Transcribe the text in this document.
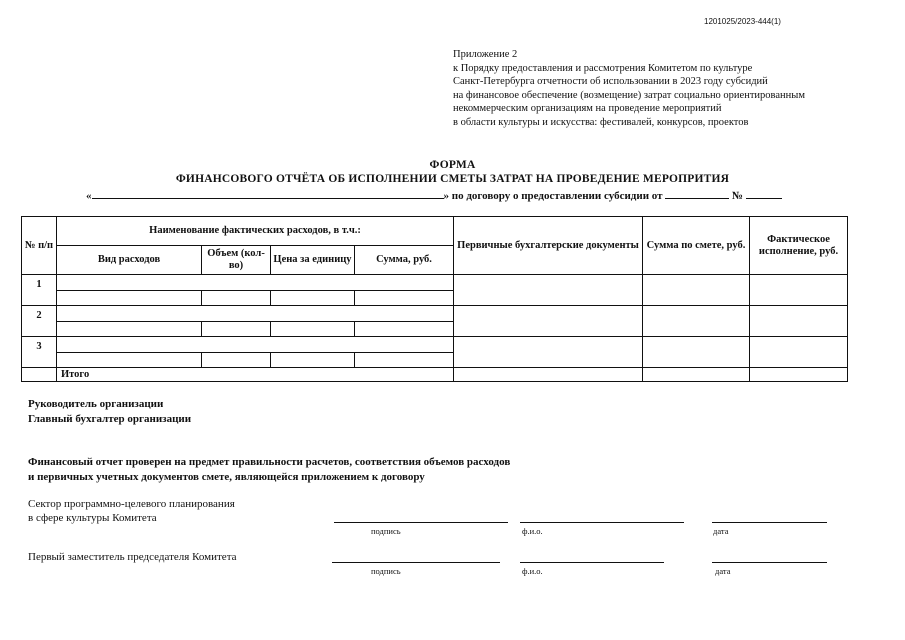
1201025/2023-444(1)
Приложение 2
к Порядку предоставления и рассмотрения Комитетом по культуре
Санкт-Петербурга отчетности об использовании в 2023 году субсидий
на финансовое обеспечение (возмещение) затрат социально ориентированным
некоммерческим организациям на проведение мероприятий
в области культуры и искусства: фестивалей, конкурсов, проектов
ФОРМА
ФИНАНСОВОГО ОТЧЁТА ОБ ИСПОЛНЕНИИ СМЕТЫ ЗАТРАТ НА ПРОВЕДЕНИЕ МЕРОПРИТИЯ
«	» по договору о предоставлении субсидии от	№
№ п/п	Наименование фактических расходов, в т.ч.:				Первичные бухгалтерские документы	Сумма по смете, руб.	Фактическое исполнение, руб.
	Вид расходов	Объем (кол-во)	Цена за единицу	Сумма, руб.			
1							

2							

3							

	Итого						
Руководитель организации
Главный бухгалтер организации
Финансовый отчет проверен на предмет правильности расчетов, соответствия объемов расходов
и первичных учетных документов смете, являющейся приложением к договору
Сектор программно-целевого планирования
в сфере культуры Комитета
подпись	ф.и.о.	дата
Первый заместитель председателя Комитета
подпись	ф.и.о.	дата
